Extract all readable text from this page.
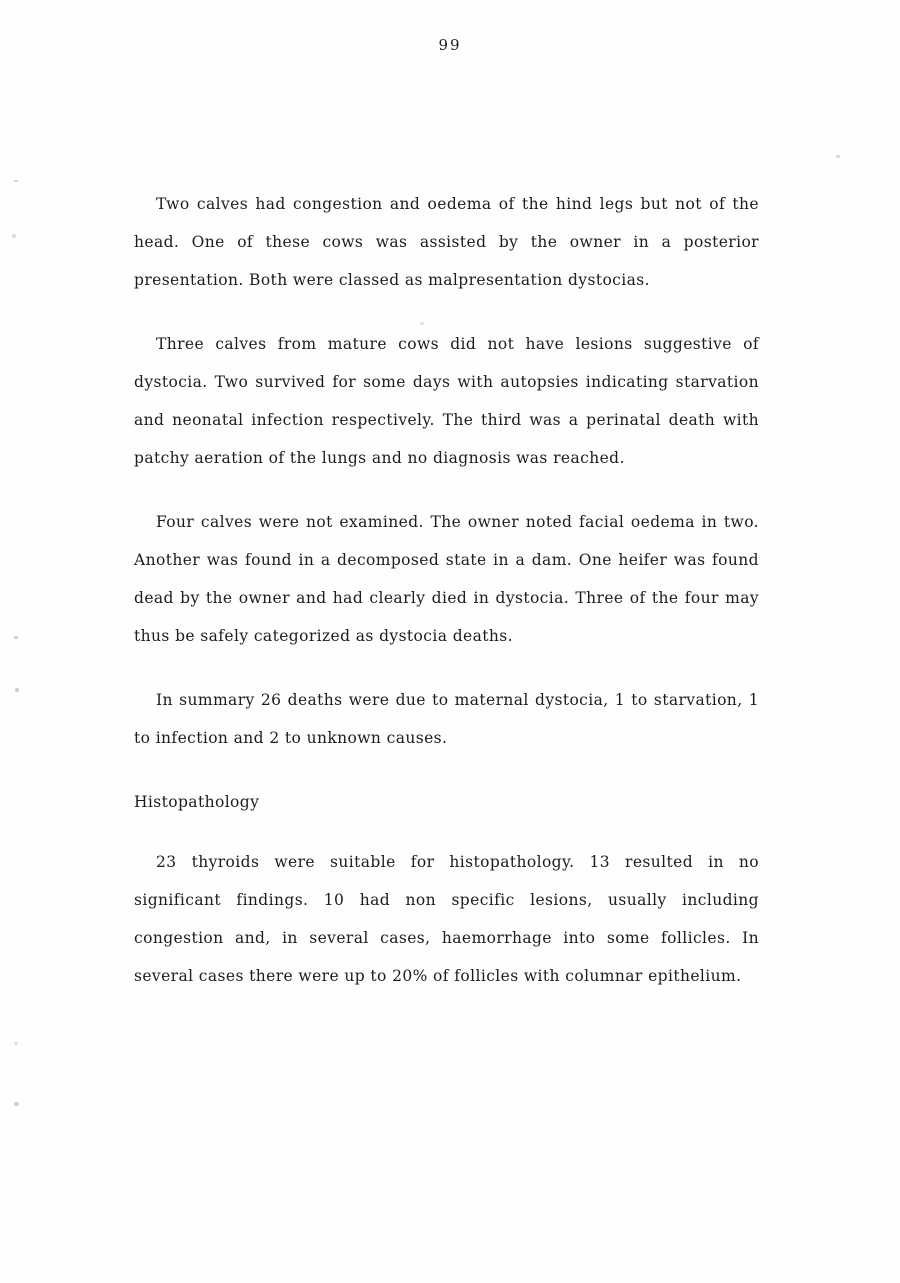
99

Two calves had congestion and oedema of the hind legs but not of the head. One of these cows was assisted by the owner in a posterior presentation. Both were classed as malpresentation dystocias.

Three calves from mature cows did not have lesions suggestive of dystocia. Two survived for some days with autopsies indicating starvation and neonatal infection respectively. The third was a perinatal death with patchy aeration of the lungs and no diagnosis was reached.

Four calves were not examined. The owner noted facial oedema in two. Another was found in a decomposed state in a dam. One heifer was found dead by the owner and had clearly died in dystocia. Three of the four may thus be safely categorized as dystocia deaths.

In summary 26 deaths were due to maternal dystocia, 1 to starvation, 1 to infection and 2 to unknown causes.

Histopathology

23 thyroids were suitable for histopathology. 13 resulted in no significant findings. 10 had non specific lesions, usually including congestion and, in several cases, haemorrhage into some follicles. In several cases there were up to 20% of follicles with columnar epithelium.
